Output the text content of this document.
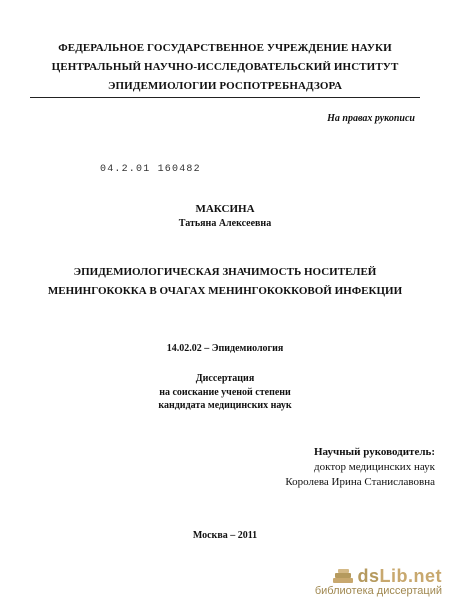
ФЕДЕРАЛЬНОЕ ГОСУДАРСТВЕННОЕ УЧРЕЖДЕНИЕ НАУКИ
ЦЕНТРАЛЬНЫЙ НАУЧНО-ИССЛЕДОВАТЕЛЬСКИЙ ИНСТИТУТ
ЭПИДЕМИОЛОГИИ РОСПОТРЕБНАДЗОРА
На правах рукописи
04.2.01 160482
МАКСИНА
Татьяна Алексеевна
ЭПИДЕМИОЛОГИЧЕСКАЯ ЗНАЧИМОСТЬ НОСИТЕЛЕЙ
МЕНИНГОКОККА В ОЧАГАХ МЕНИНГОКОККОВОЙ ИНФЕКЦИИ
14.02.02 – Эпидемиология
Диссертация
на соискание ученой степени
кандидата медицинских наук
Научный руководитель:
доктор медицинских наук
Королева Ирина Станиславовна
Москва – 2011
dsLib.net
библиотека диссертаций
